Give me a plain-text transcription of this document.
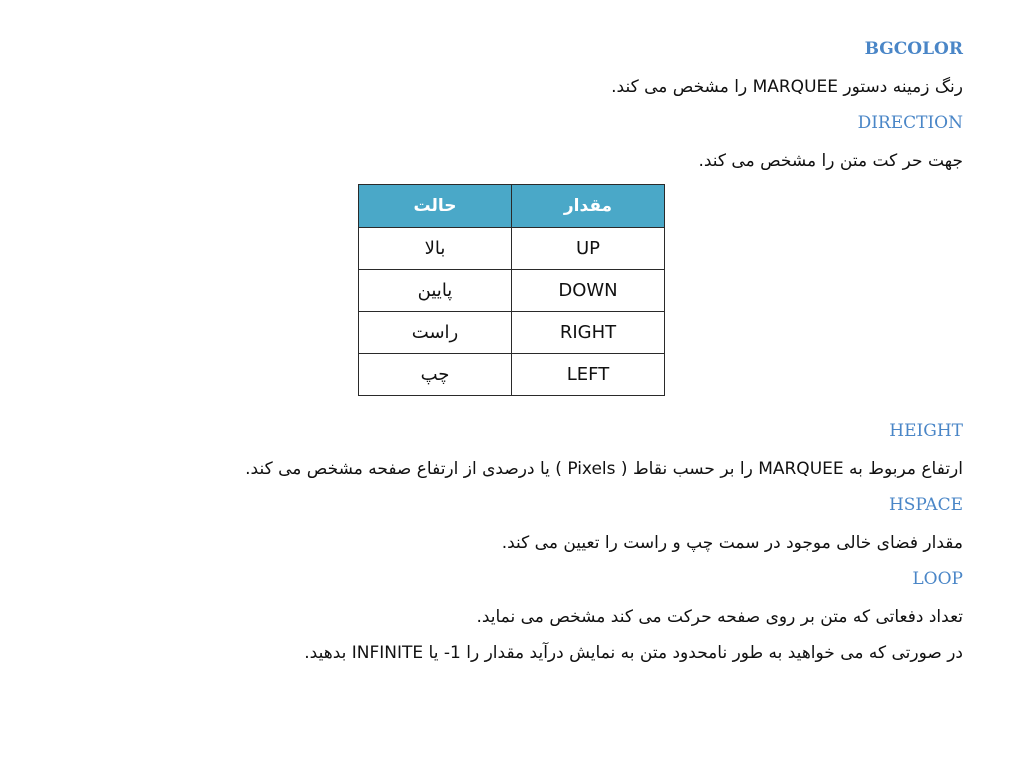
BGCOLOR

رنگ زمینه دستور MARQUEE را مشخص می کند.

DIRECTION

جهت حر کت متن را مشخص می کند.

مقدار	حالت
UP	بالا
DOWN	پایین
RIGHT	راست
LEFT	چپ

HEIGHT

ارتفاع مربوط به MARQUEE را بر حسب نقاط ( Pixels ) یا درصدی از ارتفاع صفحه مشخص می کند.

HSPACE

مقدار فضای خالی موجود در سمت چپ و راست را تعیین می کند.

LOOP

تعداد دفعاتی که متن بر روی صفحه حرکت می کند مشخص می نماید.

در صورتی که می خواهید به طور نامحدود متن به نمایش درآید مقدار را 1- یا INFINITE بدهید.
